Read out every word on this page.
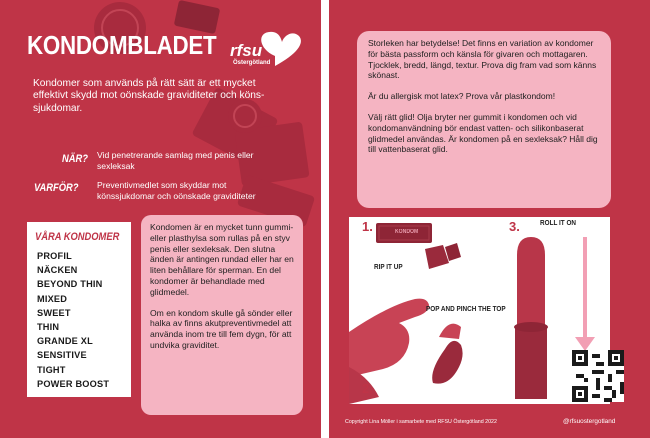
KONDOMBLADET rfsu
Östergötland
Kondomer som används på rätt sätt är ett mycket effektivt skydd mot oönskade graviditeter och köns-sjukdomar.
NÄR? Vid penetrerande samlag med penis eller sexleksak
VARFÖR? Preventivmedlet som skyddar mot könssjukdomar och oönskade graviditeter
VÅRA KONDOMER
PROFIL
NÄCKEN
BEYOND THIN
MIXED
SWEET
THIN
GRANDE XL
SENSITIVE
TIGHT
POWER BOOST

Kondomen är en mycket tunn gummi- eller plasthylsa som rullas på en styv penis eller sexleksak. Den slutna änden är antingen rundad eller har en liten behållare för sperman. En del kondomer är behandlade med glidmedel.

Om en kondom skulle gå sönder eller halka av finns akutpreventivmedel att använda inom tre till fem dygn, för att undvika graviditet.

Storleken har betydelse! Det finns en variation av kondomer för bästa passform och känsla för givaren och mottagaren. Tjocklek, bredd, längd, textur. Prova dig fram vad som känns skönast.

Är du allergisk mot latex? Prova vår plastkondom!

Välj rätt glid! Olja bryter ner gummit i kondomen och vid kondomanvändning bör endast vatten- och silikonbaserat glidmedel användas. Är kondomen på en sexleksak? Håll dig till vattenbaserat glid.

1.	KONDOM
RIP IT UP
2.
POP AND PINCH THE TOP
3.	ROLL IT ON
Copyright Lina Möller i samarbete med RFSU Östergötland 2022	@rfsuostergotland
